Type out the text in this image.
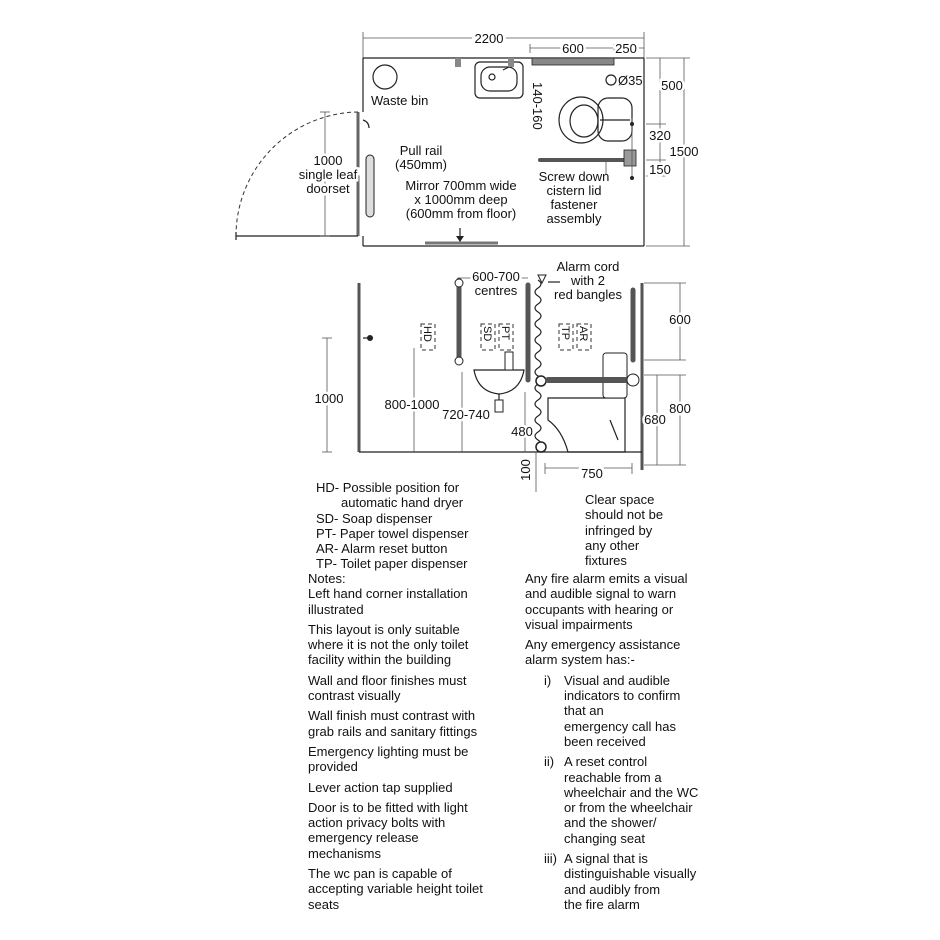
2200
600 250
Ø35
140-160	500
320
150
1500
Waste bin
Pull rail
(450mm)
1000
single leaf
doorset	Mirror 700mm wide
x 1000mm deep
(600mm from floor)
Screw down
cistern lid
fastener
assembly
HD	SD PT	TP AR
1000	800-1000
720-740
480
100
600
680
800
750
600-700
centres
Alarm cord
with 2
red bangles
HD- Possible position for
automatic hand dryer
SD- Soap dispenser
PT- Paper towel dispenser
AR- Alarm reset button
TP- Toilet paper dispenser
Clear space
should not be
infringed by
any other
fixtures
Notes:
Left hand corner installation
illustrated
This layout is only suitable
where it is not the only toilet
facility within the building
Wall and floor finishes must
contrast visually
Wall finish must contrast with
grab rails and sanitary fittings
Emergency lighting must be
provided
Lever action tap supplied
Door is to be fitted with light
action privacy bolts with
emergency release
mechanisms
The wc pan is capable of
accepting variable height toilet
seats
Any fire alarm emits a visual
and audible signal to warn
occupants with hearing or
visual impairments
Any emergency assistance
alarm system has:-
i) Visual and audible
indicators to confirm
that an
emergency call has
been received
ii) A reset control
reachable from a
wheelchair and the WC
or from the wheelchair
and the shower/
changing seat
iii) A signal that is
distinguishable visually
and audibly from
the fire alarm
